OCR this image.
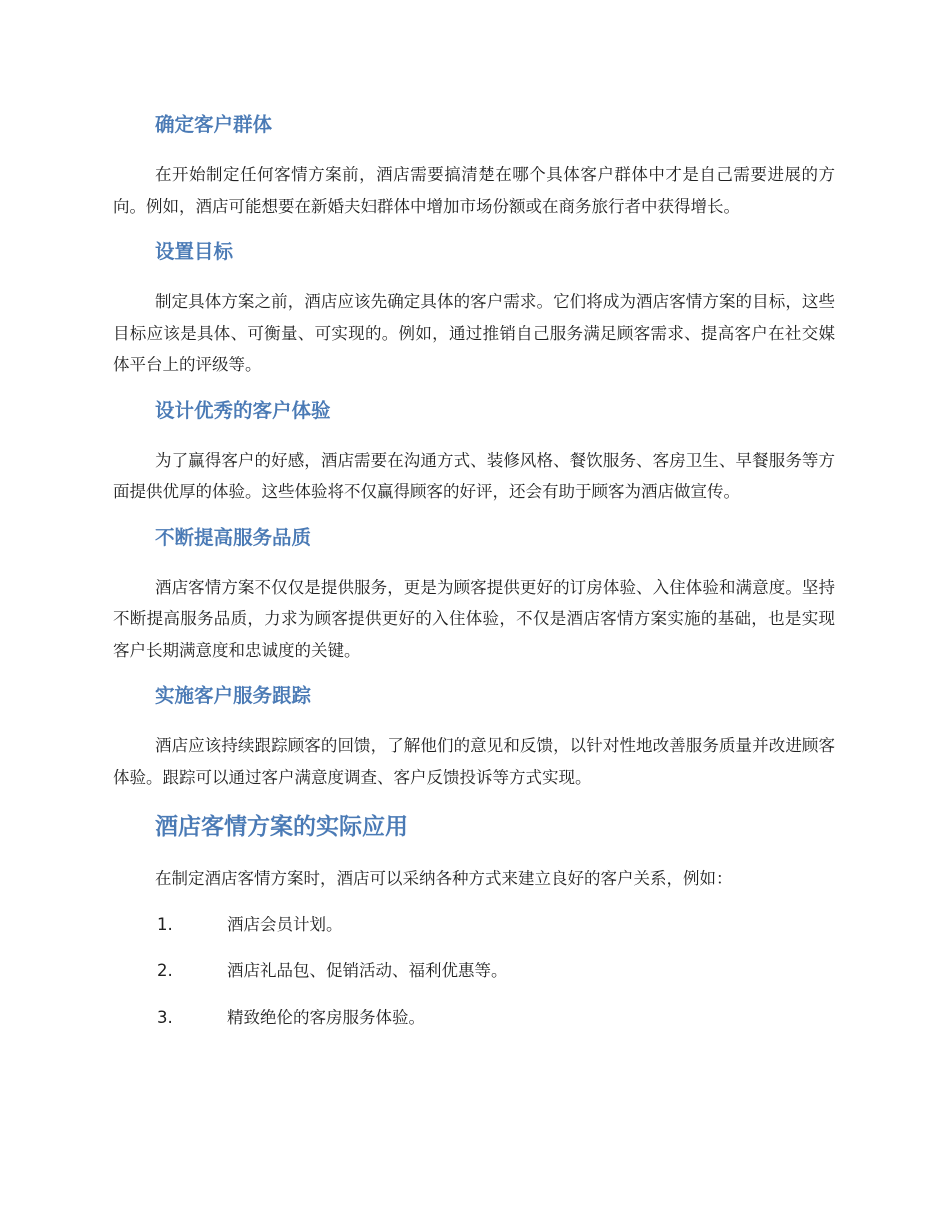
确定客户群体

在开始制定任何客情方案前，酒店需要搞清楚在哪个具体客户群体中才是自己需要进展的方向。例如，酒店可能想要在新婚夫妇群体中增加市场份额或在商务旅行者中获得增长。

设置目标

制定具体方案之前，酒店应该先确定具体的客户需求。它们将成为酒店客情方案的目标，这些目标应该是具体、可衡量、可实现的。例如，通过推销自己服务满足顾客需求、提高客户在社交媒体平台上的评级等。

设计优秀的客户体验

为了赢得客户的好感，酒店需要在沟通方式、装修风格、餐饮服务、客房卫生、早餐服务等方面提供优厚的体验。这些体验将不仅赢得顾客的好评，还会有助于顾客为酒店做宣传。

不断提高服务品质

酒店客情方案不仅仅是提供服务，更是为顾客提供更好的订房体验、入住体验和满意度。坚持不断提高服务品质，力求为顾客提供更好的入住体验，不仅是酒店客情方案实施的基础，也是实现客户长期满意度和忠诚度的关键。

实施客户服务跟踪

酒店应该持续跟踪顾客的回馈，了解他们的意见和反馈，以针对性地改善服务质量并改进顾客体验。跟踪可以通过客户满意度调查、客户反馈投诉等方式实现。

酒店客情方案的实际应用

在制定酒店客情方案时，酒店可以采纳各种方式来建立良好的客户关系，例如：

1.	酒店会员计划。
2.	酒店礼品包、促销活动、福利优惠等。
3.	精致绝伦的客房服务体验。
